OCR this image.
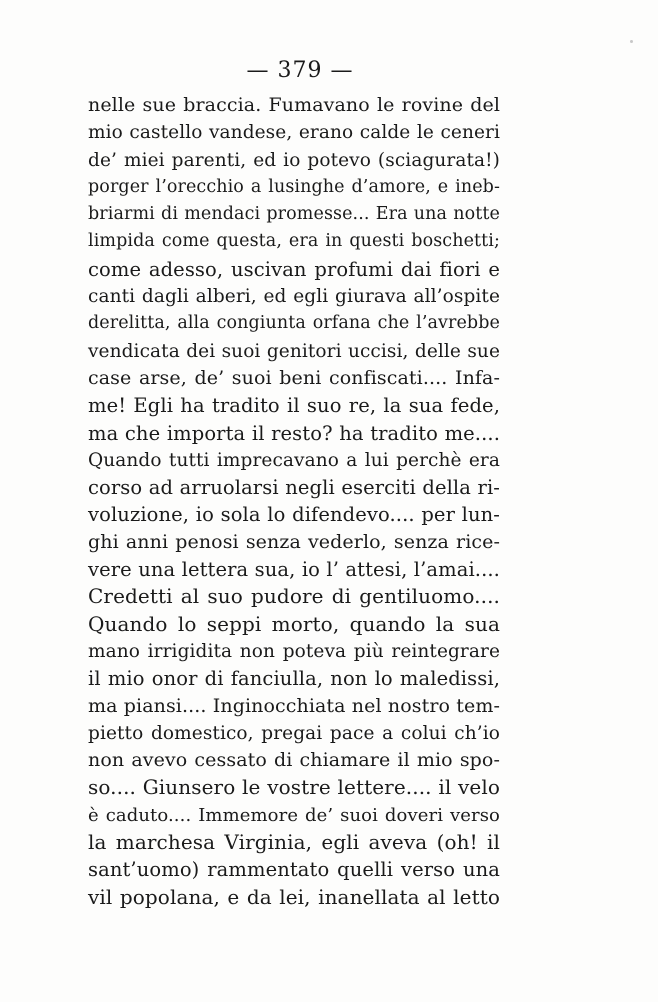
— 379 —
nelle sue braccia. Fumavano le rovine del
mio castello vandese, erano calde le ceneri
de’ miei parenti, ed io potevo (sciagurata!)
porger l’orecchio a lusinghe d’amore, e ineb-
briarmi di mendaci promesse... Era una notte
limpida come questa, era in questi boschetti;
come adesso, uscivan profumi dai fiori e
canti dagli alberi, ed egli giurava all’ospite
derelitta, alla congiunta orfana che l’avrebbe
vendicata dei suoi genitori uccisi, delle sue
case arse, de’ suoi beni confiscati.... Infa-
me! Egli ha tradito il suo re, la sua fede,
ma che importa il resto? ha tradito me....
Quando tutti imprecavano a lui perchè era
corso ad arruolarsi negli eserciti della ri-
voluzione, io sola lo difendevo.... per lun-
ghi anni penosi senza vederlo, senza rice-
vere una lettera sua, io l’ attesi, l’amai....
Credetti al suo pudore di gentiluomo....
Quando lo seppi morto, quando la sua
mano irrigidita non poteva più reintegrare
il mio onor di fanciulla, non lo maledissi,
ma piansi.... Inginocchiata nel nostro tem-
pietto domestico, pregai pace a colui ch’io
non avevo cessato di chiamare il mio spo-
so.... Giunsero le vostre lettere.... il velo
è caduto.... Immemore de’ suoi doveri verso
la marchesa Virginia, egli aveva (oh! il
sant’uomo) rammentato quelli verso una
vil popolana, e da lei, inanellata al letto
